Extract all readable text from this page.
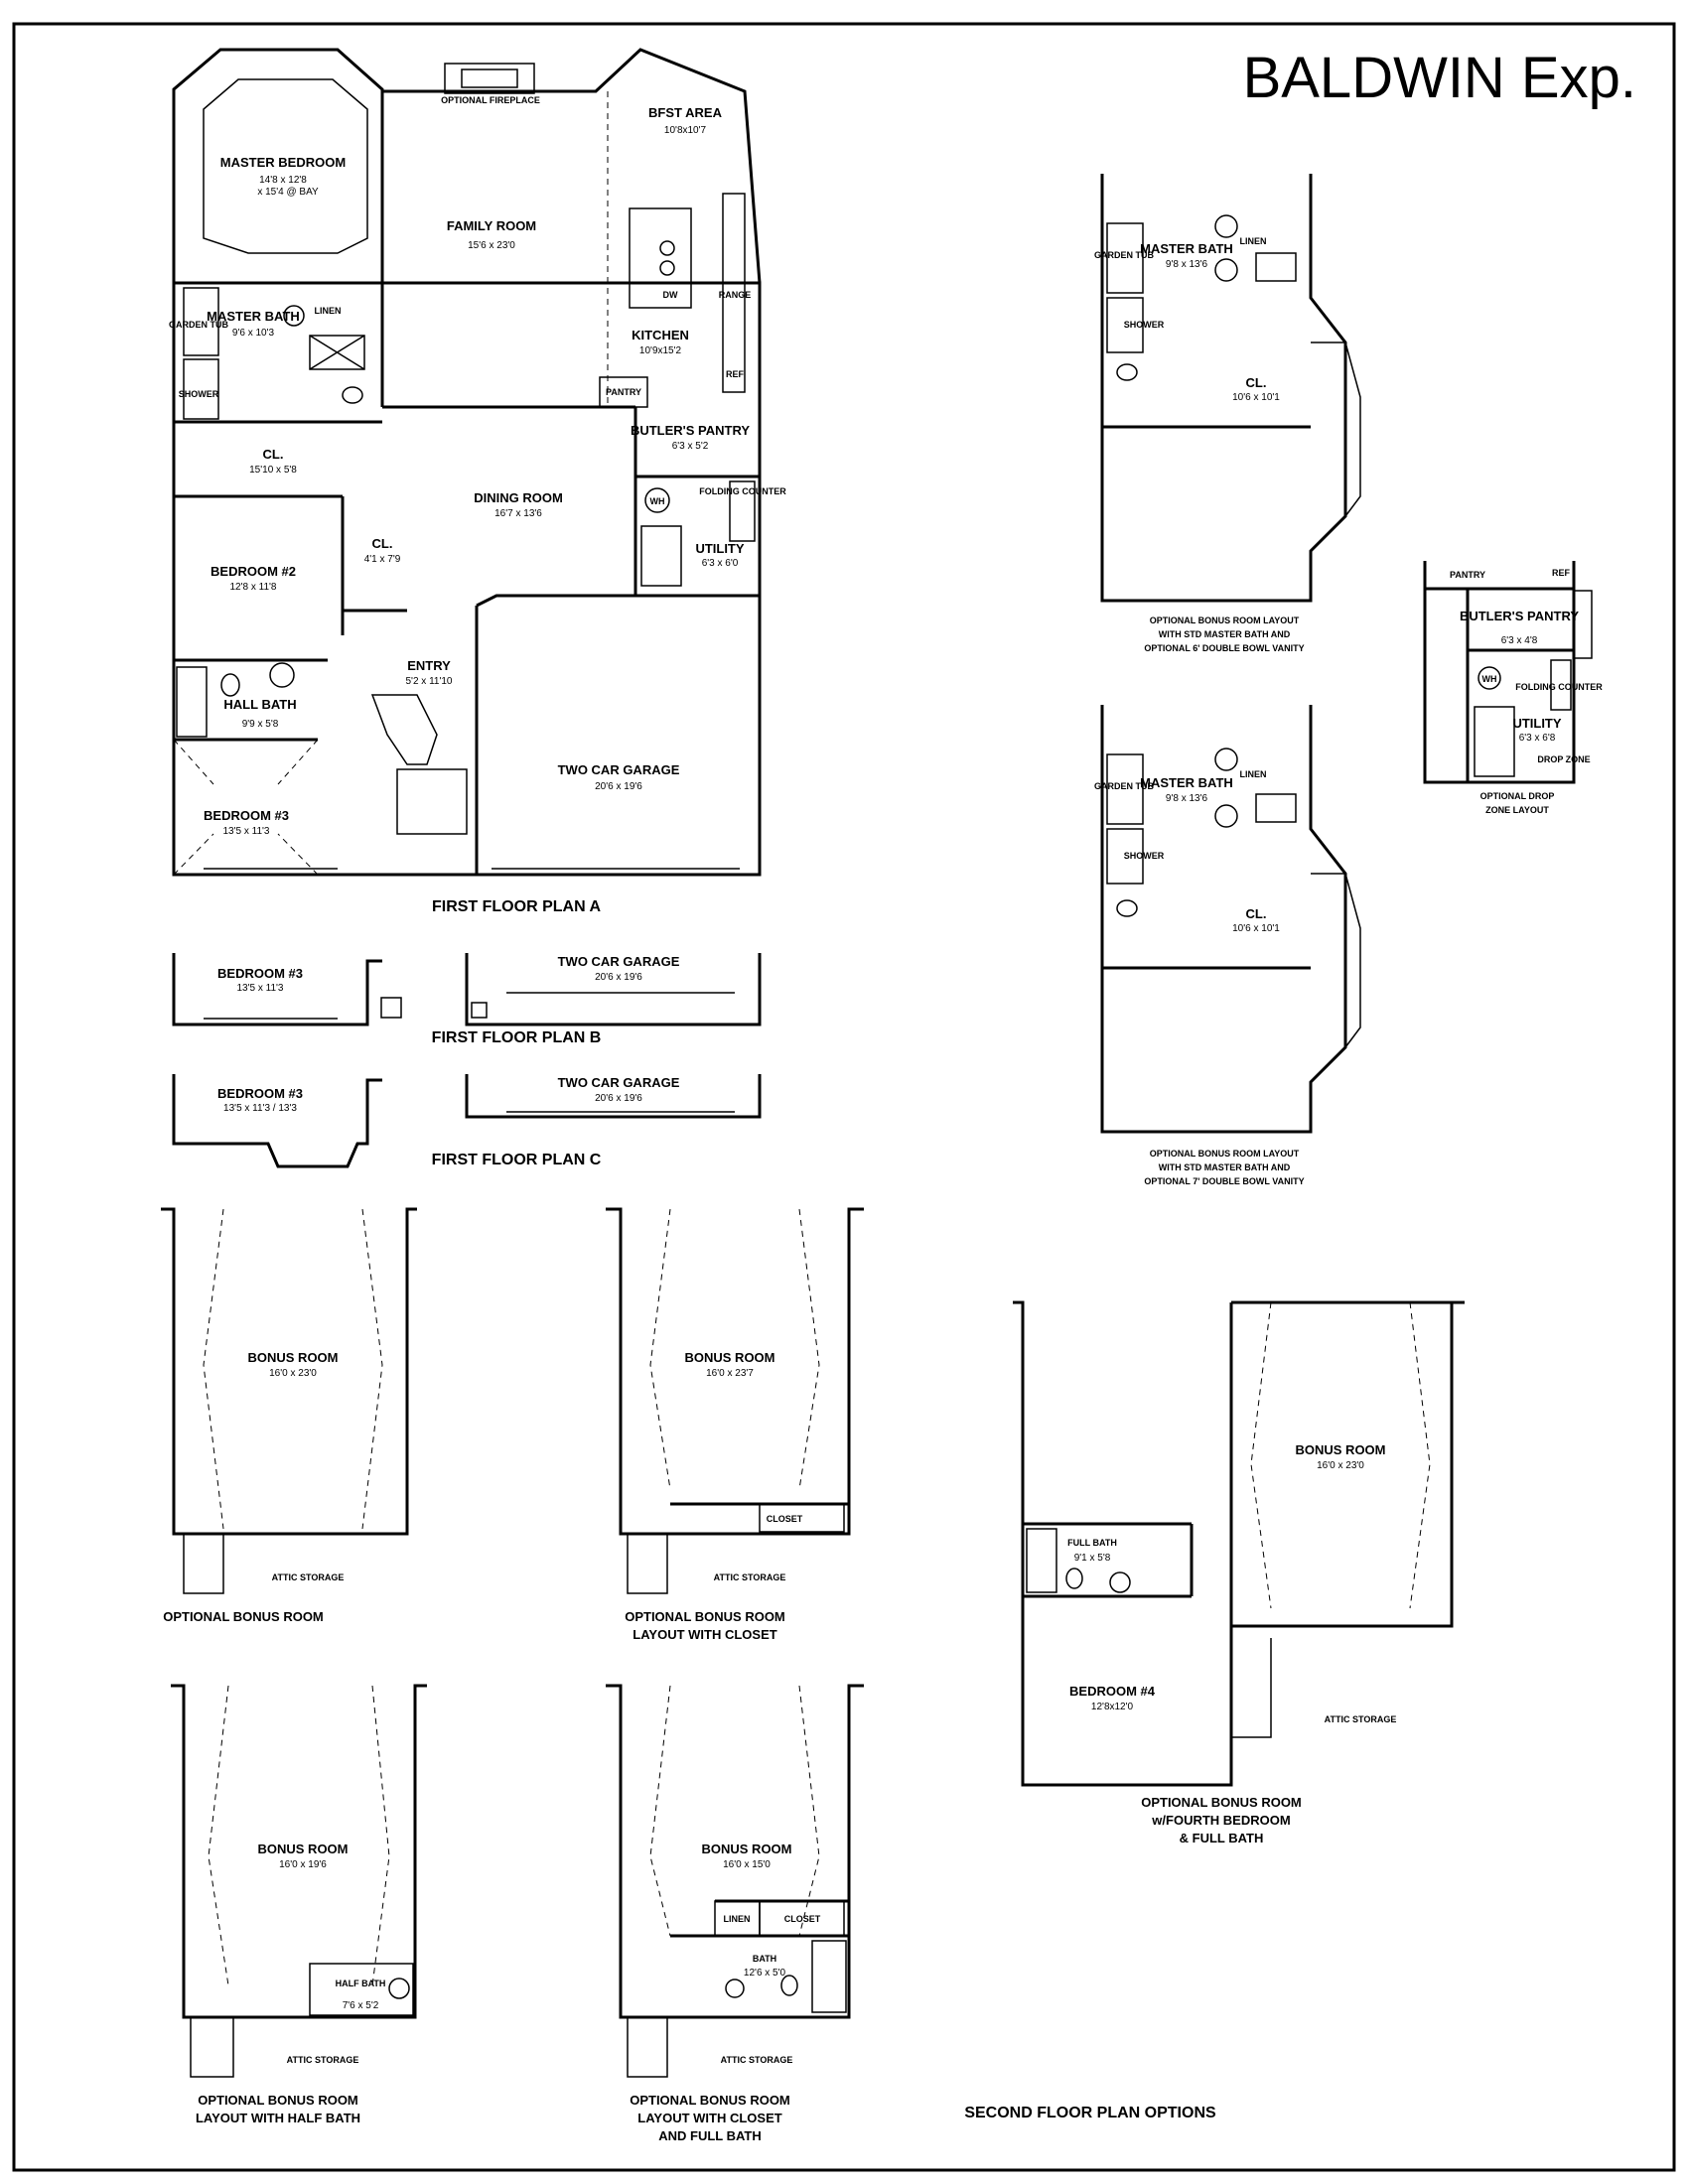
BALDWIN Exp.
MASTER BEDROOM
14'8 x 12'8
x 15'4 @ BAY
OPTIONAL FIREPLACE
FAMILY ROOM
15'6 x 23'0
BFST AREA
10'8x10'7
DW	RANGE
REF
KITCHEN
10'9x15'2
PANTRY
GARDEN TUB
SHOWER
LINEN
MASTER BATH
9'6 x 10'3
CL.
15'10 x 5'8
BUTLER'S PANTRY
6'3 x 5'2
DINING ROOM
16'7 x 13'6
WH
FOLDING COUNTER
UTILITY
6'3 x 6'0
BEDROOM #2
12'8 x 11'8
CL.
4'1 x 7'9
ENTRY
5'2 x 11'10
HALL BATH
9'9 x 5'8
TWO CAR GARAGE
20'6 x 19'6
BEDROOM #3
13'5 x 11'3
FIRST FLOOR PLAN A
BEDROOM #3
13'5 x 11'3
TWO CAR GARAGE
20'6 x 19'6
FIRST FLOOR PLAN B
BEDROOM #3
13'5 x 11'3 / 13'3
TWO CAR GARAGE
20'6 x 19'6
FIRST FLOOR PLAN C
GARDEN TUB
SHOWER
LINEN
MASTER BATH
9'8 x 13'6
CL.
10'6 x 10'1
OPTIONAL BONUS ROOM LAYOUT
WITH STD MASTER BATH AND
OPTIONAL 6' DOUBLE BOWL VANITY
GARDEN TUB
SHOWER
LINEN
MASTER BATH
9'8 x 13'6
CL.
10'6 x 10'1
OPTIONAL BONUS ROOM LAYOUT
WITH STD MASTER BATH AND
OPTIONAL 7' DOUBLE BOWL VANITY
PANTRY	REF
BUTLER'S PANTRY
6'3 x 4'8
WH
FOLDING COUNTER
UTILITY
6'3 x 6'8
DROP ZONE
OPTIONAL DROP
ZONE LAYOUT
BONUS ROOM
16'0 x 23'0
ATTIC STORAGE
OPTIONAL BONUS ROOM
BONUS ROOM
16'0 x 23'7
CLOSET
ATTIC STORAGE
OPTIONAL BONUS ROOM
LAYOUT WITH CLOSET
BONUS ROOM
16'0 x 19'6
HALF BATH
7'6 x 5'2
ATTIC STORAGE
OPTIONAL BONUS ROOM
LAYOUT WITH HALF BATH
BONUS ROOM
16'0 x 15'0
LINEN	CLOSET
BATH
12'6 x 5'0
ATTIC STORAGE
OPTIONAL BONUS ROOM
LAYOUT WITH CLOSET
AND FULL BATH
BONUS ROOM
16'0 x 23'0
FULL BATH
9'1 x 5'8
BEDROOM #4
12'8x12'0
ATTIC STORAGE
OPTIONAL BONUS ROOM
w/FOURTH BEDROOM
& FULL BATH
SECOND FLOOR PLAN OPTIONS
